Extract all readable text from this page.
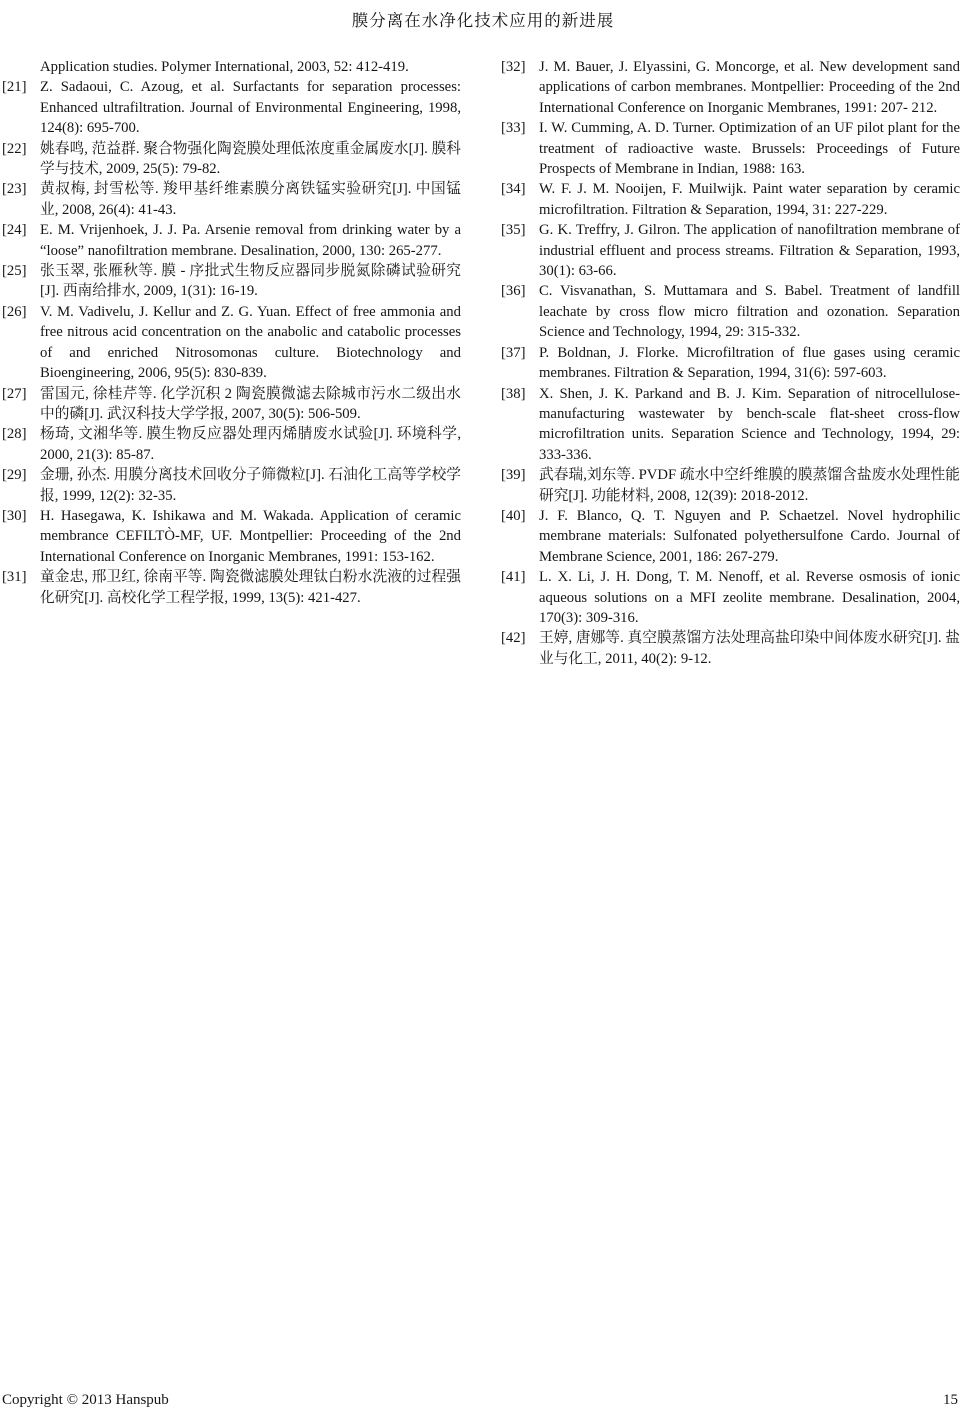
膜分离在水净化技术应用的新进展
Application studies. Polymer International, 2003, 52: 412-419.
[21] Z. Sadaoui, C. Azoug, et al. Surfactants for separation processes: Enhanced ultrafiltration. Journal of Environmental Engineering, 1998, 124(8): 695-700.
[22] 姚春鸣, 范益群. 聚合物强化陶瓷膜处理低浓度重金属废水[J]. 膜科学与技术, 2009, 25(5): 79-82.
[23] 黄叔梅, 封雪松等. 羧甲基纤维素膜分离铁锰实验研究[J]. 中国锰业, 2008, 26(4): 41-43.
[24] E. M. Vrijenhoek, J. J. Pa. Arsenie removal from drinking water by a “loose” nanofiltration membrane. Desalination, 2000, 130: 265-277.
[25] 张玉翠, 张雁秋等. 膜 - 序批式生物反应器同步脱氮除磷试验研究[J]. 西南给排水, 2009, 1(31): 16-19.
[26] V. M. Vadivelu, J. Kellur and Z. G. Yuan. Effect of free ammonia and free nitrous acid concentration on the anabolic and catabolic processes of and enriched Nitrosomonas culture. Biotechnology and Bioengineering, 2006, 95(5): 830-839.
[27] 雷国元, 徐桂芹等. 化学沉积 2 陶瓷膜微滤去除城市污水二级出水中的磷[J]. 武汉科技大学学报, 2007, 30(5): 506-509.
[28] 杨琦, 文湘华等. 膜生物反应器处理丙烯腈废水试验[J]. 环境科学, 2000, 21(3): 85-87.
[29] 金珊, 孙杰. 用膜分离技术回收分子筛微粒[J]. 石油化工高等学校学报, 1999, 12(2): 32-35.
[30] H. Hasegawa, K. Ishikawa and M. Wakada. Application of ceramic membrance CEFILTÒ-MF, UF. Montpellier: Proceeding of the 2nd International Conference on Inorganic Membranes, 1991: 153-162.
[31] 童金忠, 邢卫红, 徐南平等. 陶瓷微滤膜处理钛白粉水洗液的过程强化研究[J]. 高校化学工程学报, 1999, 13(5): 421-427.
[32] J. M. Bauer, J. Elyassini, G. Moncorge, et al. New development sand applications of carbon membranes. Montpellier: Proceeding of the 2nd International Conference on Inorganic Membranes, 1991: 207- 212.
[33] I. W. Cumming, A. D. Turner. Optimization of an UF pilot plant for the treatment of radioactive waste. Brussels: Proceedings of Future Prospects of Membrane in Indian, 1988: 163.
[34] W. F. J. M. Nooijen, F. Muilwijk. Paint water separation by ceramic microfiltration. Filtration & Separation, 1994, 31: 227-229.
[35] G. K. Treffry, J. Gilron. The application of nanofiltration membrane of industrial effluent and process streams. Filtration & Separation, 1993, 30(1): 63-66.
[36] C. Visvanathan, S. Muttamara and S. Babel. Treatment of landfill leachate by cross flow micro filtration and ozonation. Separation Science and Technology, 1994, 29: 315-332.
[37] P. Boldnan, J. Florke. Microfiltration of flue gases using ceramic membranes. Filtration & Separation, 1994, 31(6): 597-603.
[38] X. Shen, J. K. Parkand and B. J. Kim. Separation of nitrocellulose-manufacturing wastewater by bench-scale flat-sheet cross-flow microfiltration units. Separation Science and Technology, 1994, 29: 333-336.
[39] 武春瑞,刘东等. PVDF 疏水中空纤维膜的膜蒸馏含盐废水处理性能研究[J]. 功能材料, 2008, 12(39): 2018-2012.
[40] J. F. Blanco, Q. T. Nguyen and P. Schaetzel. Novel hydrophilic membrane materials: Sulfonated polyethersulfone Cardo. Journal of Membrane Science, 2001, 186: 267-279.
[41] L. X. Li, J. H. Dong, T. M. Nenoff, et al. Reverse osmosis of ionic aqueous solutions on a MFI zeolite membrane. Desalination, 2004, 170(3): 309-316.
[42] 王婷, 唐娜等. 真空膜蒸馏方法处理高盐印染中间体废水研究[J]. 盐业与化工, 2011, 40(2): 9-12.
Copyright © 2013 Hanspub	15
